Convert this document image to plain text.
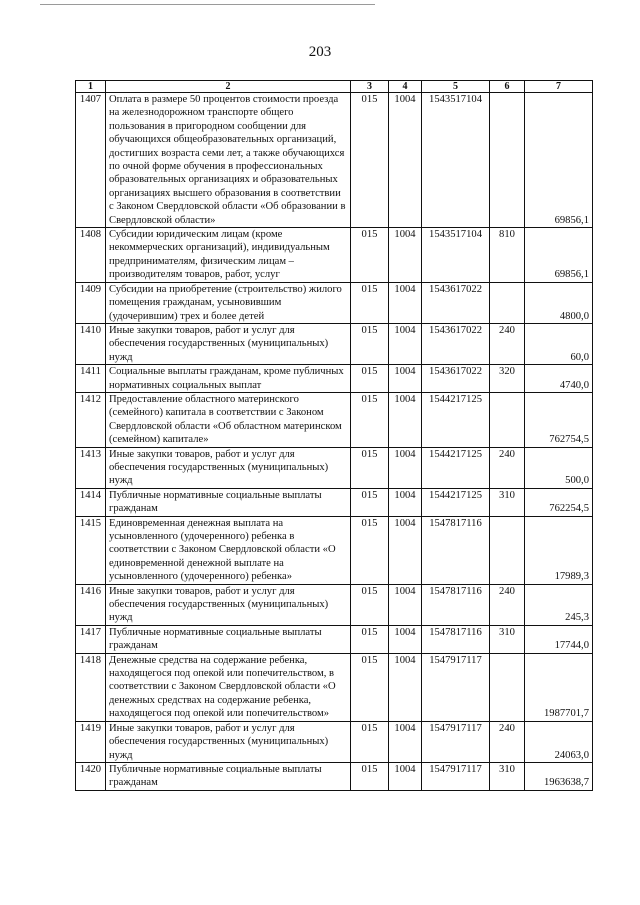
203
1	2	3	4	5	6	7
1407	Оплата в размере 50 процентов стоимости проезда на железнодорожном транспорте общего пользования в пригородном сообщении для обучающихся общеобразовательных организаций, достигших возраста семи лет, а также обучающихся по очной форме обучения в профессиональных образовательных организациях и образовательных организациях высшего образования в соответствии с Законом Свердловской области «Об образовании в Свердловской области»	015	1004	1543517104		69856,1
1408	Субсидии юридическим лицам (кроме некоммерческих организаций), индивидуальным предпринимателям, физическим лицам – производителям товаров, работ, услуг	015	1004	1543517104	810	69856,1
1409	Субсидии на приобретение (строительство) жилого помещения гражданам, усыновившим (удочерившим) трех и более детей	015	1004	1543617022		4800,0
1410	Иные закупки товаров, работ и услуг для обеспечения государственных (муниципальных) нужд	015	1004	1543617022	240	60,0
1411	Социальные выплаты гражданам, кроме публичных нормативных социальных выплат	015	1004	1543617022	320	4740,0
1412	Предоставление областного материнского (семейного) капитала в соответствии с Законом Свердловской области «Об областном материнском (семейном) капитале»	015	1004	1544217125		762754,5
1413	Иные закупки товаров, работ и услуг для обеспечения государственных (муниципальных) нужд	015	1004	1544217125	240	500,0
1414	Публичные нормативные социальные выплаты гражданам	015	1004	1544217125	310	762254,5
1415	Единовременная денежная выплата на усыновленного (удочеренного) ребенка в соответствии с Законом Свердловской области «О единовременной денежной выплате на усыновленного (удочеренного) ребенка»	015	1004	1547817116		17989,3
1416	Иные закупки товаров, работ и услуг для обеспечения государственных (муниципальных) нужд	015	1004	1547817116	240	245,3
1417	Публичные нормативные социальные выплаты гражданам	015	1004	1547817116	310	17744,0
1418	Денежные средства на содержание ребенка, находящегося под опекой или попечительством, в соответствии с Законом Свердловской области «О денежных средствах на содержание ребенка, находящегося под опекой или попечительством»	015	1004	1547917117		1987701,7
1419	Иные закупки товаров, работ и услуг для обеспечения государственных (муниципальных) нужд	015	1004	1547917117	240	24063,0
1420	Публичные нормативные социальные выплаты гражданам	015	1004	1547917117	310	1963638,7
